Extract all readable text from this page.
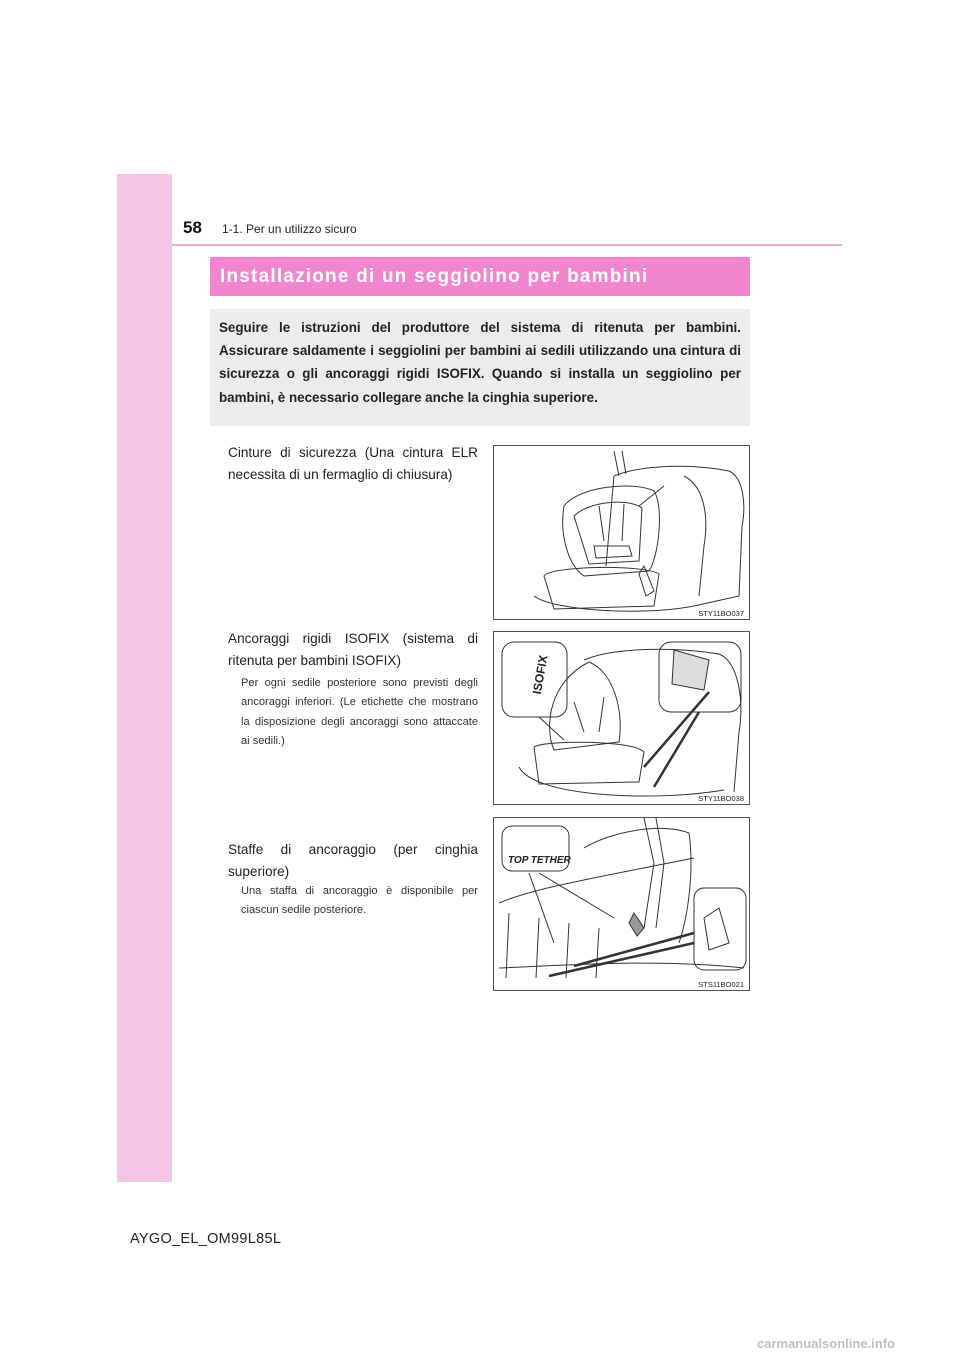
58 1-1. Per un utilizzo sicuro
Installazione di un seggiolino per bambini
Seguire le istruzioni del produttore del sistema di ritenuta per bambini. Assicurare saldamente i seggiolini per bambini ai sedili utilizzando una cintura di sicurezza o gli ancoraggi rigidi ISOFIX. Quando si installa un seggiolino per bambini, è necessario collegare anche la cinghia superiore.
Cinture di sicurezza (Una cintura ELR necessita di un fermaglio di chiusura)
STY11BO037
Ancoraggi rigidi ISOFIX (sistema di ritenuta per bambini ISOFIX)
Per ogni sedile posteriore sono previsti degli ancoraggi inferiori. (Le etichette che mostrano la disposizione degli ancoraggi sono attaccate ai sedili.)
ISOFIX
STY11BO038
Staffe di ancoraggio (per cinghia superiore)
Una staffa di ancoraggio è disponibile per ciascun sedile posteriore.
TOP TETHER
STS11BO021
AYGO_EL_OM99L85L
carmanualsonline.info
